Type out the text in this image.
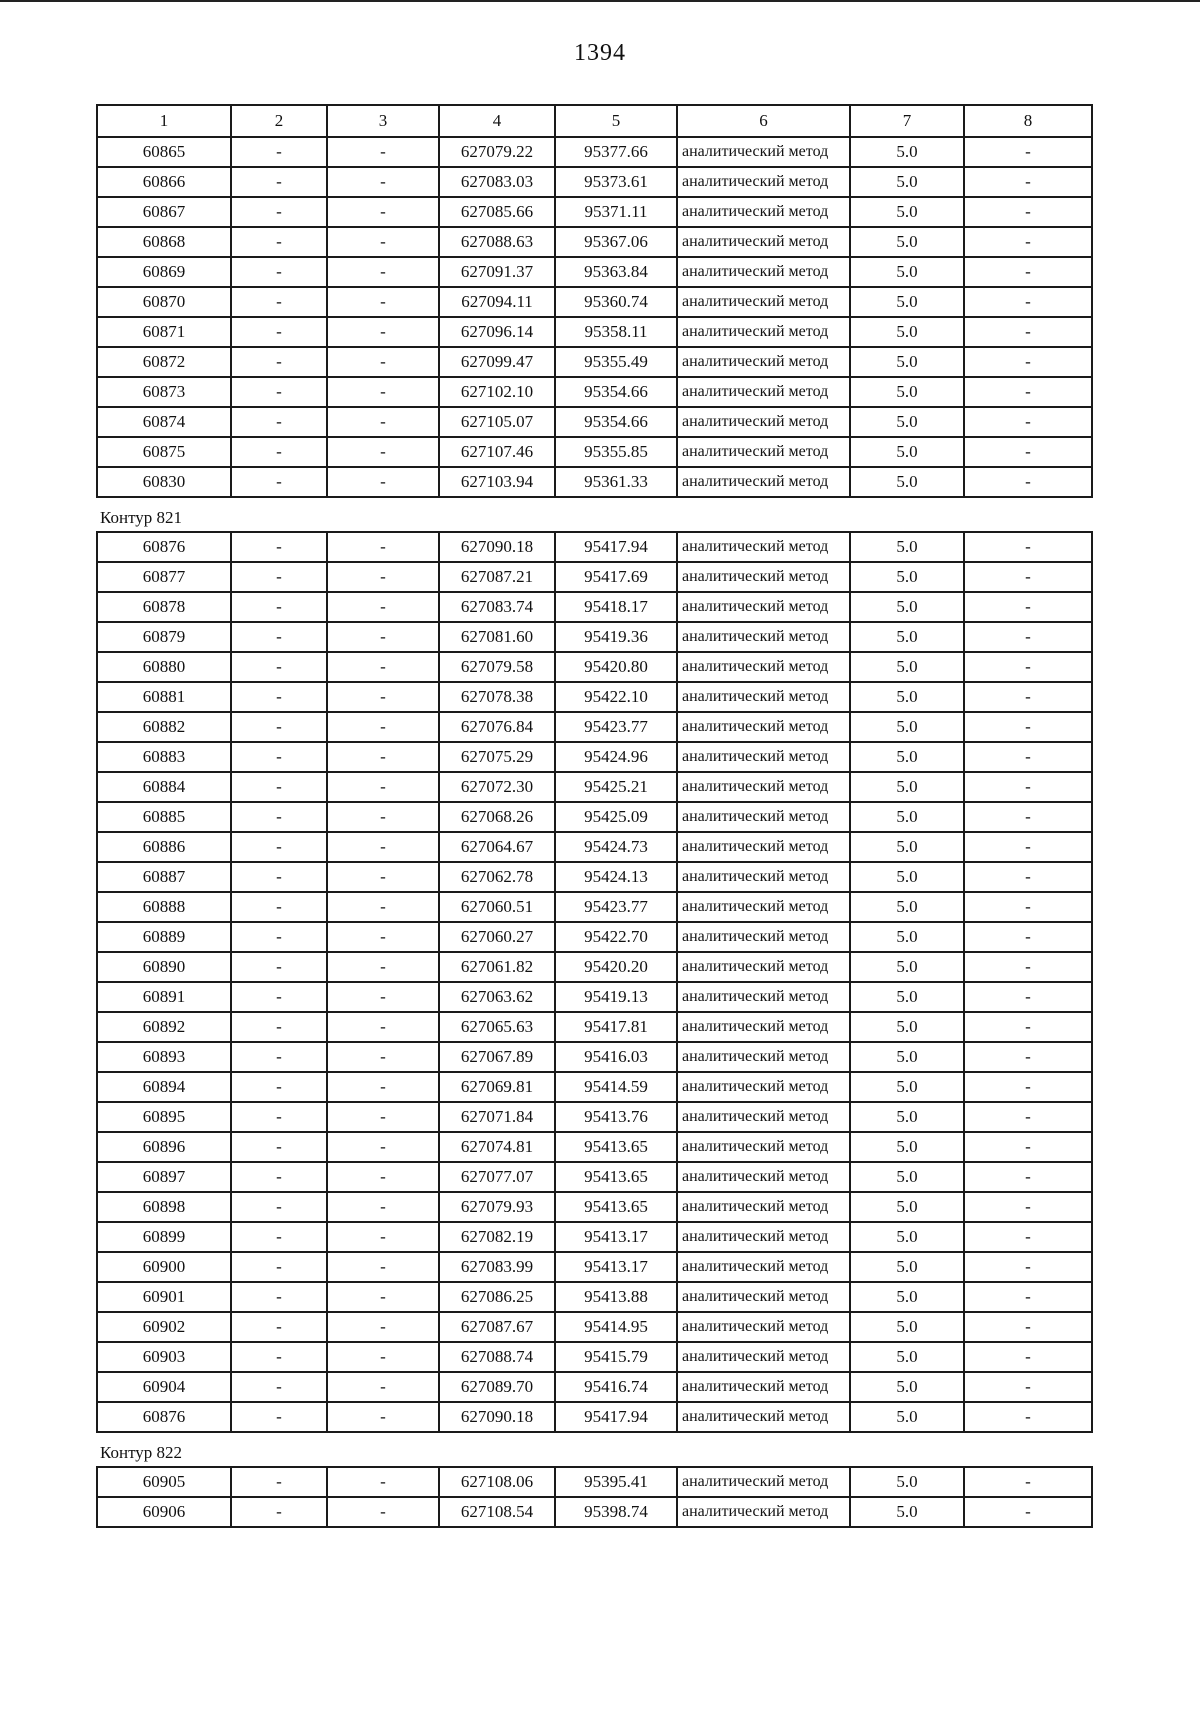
1394
1	2	3	4	5	6	7	8
60865	-	-	627079.22	95377.66	аналитический метод	5.0	-
60866	-	-	627083.03	95373.61	аналитический метод	5.0	-
60867	-	-	627085.66	95371.11	аналитический метод	5.0	-
60868	-	-	627088.63	95367.06	аналитический метод	5.0	-
60869	-	-	627091.37	95363.84	аналитический метод	5.0	-
60870	-	-	627094.11	95360.74	аналитический метод	5.0	-
60871	-	-	627096.14	95358.11	аналитический метод	5.0	-
60872	-	-	627099.47	95355.49	аналитический метод	5.0	-
60873	-	-	627102.10	95354.66	аналитический метод	5.0	-
60874	-	-	627105.07	95354.66	аналитический метод	5.0	-
60875	-	-	627107.46	95355.85	аналитический метод	5.0	-
60830	-	-	627103.94	95361.33	аналитический метод	5.0	-
Контур 821
60876	-	-	627090.18	95417.94	аналитический метод	5.0	-
60877	-	-	627087.21	95417.69	аналитический метод	5.0	-
60878	-	-	627083.74	95418.17	аналитический метод	5.0	-
60879	-	-	627081.60	95419.36	аналитический метод	5.0	-
60880	-	-	627079.58	95420.80	аналитический метод	5.0	-
60881	-	-	627078.38	95422.10	аналитический метод	5.0	-
60882	-	-	627076.84	95423.77	аналитический метод	5.0	-
60883	-	-	627075.29	95424.96	аналитический метод	5.0	-
60884	-	-	627072.30	95425.21	аналитический метод	5.0	-
60885	-	-	627068.26	95425.09	аналитический метод	5.0	-
60886	-	-	627064.67	95424.73	аналитический метод	5.0	-
60887	-	-	627062.78	95424.13	аналитический метод	5.0	-
60888	-	-	627060.51	95423.77	аналитический метод	5.0	-
60889	-	-	627060.27	95422.70	аналитический метод	5.0	-
60890	-	-	627061.82	95420.20	аналитический метод	5.0	-
60891	-	-	627063.62	95419.13	аналитический метод	5.0	-
60892	-	-	627065.63	95417.81	аналитический метод	5.0	-
60893	-	-	627067.89	95416.03	аналитический метод	5.0	-
60894	-	-	627069.81	95414.59	аналитический метод	5.0	-
60895	-	-	627071.84	95413.76	аналитический метод	5.0	-
60896	-	-	627074.81	95413.65	аналитический метод	5.0	-
60897	-	-	627077.07	95413.65	аналитический метод	5.0	-
60898	-	-	627079.93	95413.65	аналитический метод	5.0	-
60899	-	-	627082.19	95413.17	аналитический метод	5.0	-
60900	-	-	627083.99	95413.17	аналитический метод	5.0	-
60901	-	-	627086.25	95413.88	аналитический метод	5.0	-
60902	-	-	627087.67	95414.95	аналитический метод	5.0	-
60903	-	-	627088.74	95415.79	аналитический метод	5.0	-
60904	-	-	627089.70	95416.74	аналитический метод	5.0	-
60876	-	-	627090.18	95417.94	аналитический метод	5.0	-
Контур 822
60905	-	-	627108.06	95395.41	аналитический метод	5.0	-
60906	-	-	627108.54	95398.74	аналитический метод	5.0	-
